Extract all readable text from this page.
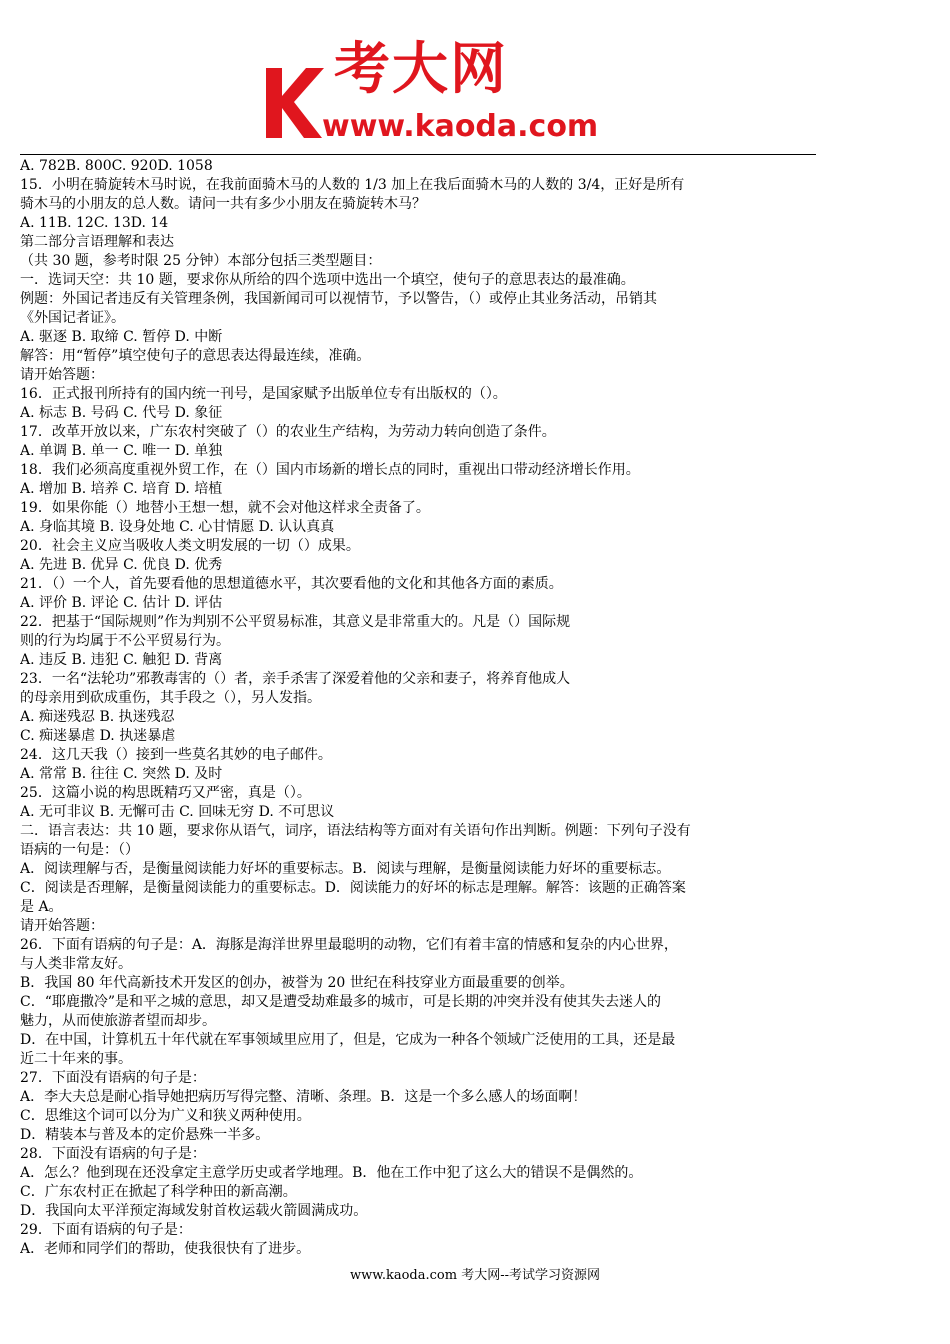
考大网
www.kaoda.com
A. 782B. 800C. 920D. 1058
15．小明在骑旋转木马时说，在我前面骑木马的人数的 1/3 加上在我后面骑木马的人数的 3/4，正好是所有
骑木马的小朋友的总人数。请问一共有多少小朋友在骑旋转木马？
A. 11B. 12C. 13D. 14
第二部分言语理解和表达
（共 30 题，参考时限 25 分钟）本部分包括三类型题目：
一．选词天空：共 10 题，要求你从所给的四个选项中选出一个填空，使句子的意思表达的最准确。
例题：外国记者违反有关管理条例，我国新闻司可以视情节，予以警告，（）或停止其业务活动，吊销其
《外国记者证》。
A. 驱逐 B. 取缔 C. 暂停 D. 中断
解答：用“暂停”填空使句子的意思表达得最连续，准确。
请开始答题：
16．正式报刊所持有的国内统一刊号，是国家赋予出版单位专有出版权的（）。
A. 标志 B. 号码 C. 代号 D. 象征
17．改革开放以来，广东农村突破了（）的农业生产结构，为劳动力转向创造了条件。
A. 单调 B. 单一 C. 唯一 D. 单独
18．我们必须高度重视外贸工作，在（）国内市场新的增长点的同时，重视出口带动经济增长作用。
A. 增加 B. 培养 C. 培育 D. 培植
19．如果你能（）地替小王想一想，就不会对他这样求全责备了。
A. 身临其境 B. 设身处地 C. 心甘情愿 D. 认认真真
20．社会主义应当吸收人类文明发展的一切（）成果。
A. 先进 B. 优异 C. 优良 D. 优秀
21．（）一个人，首先要看他的思想道德水平，其次要看他的文化和其他各方面的素质。
A. 评价 B. 评论 C. 估计 D. 评估
22．把基于“国际规则”作为判别不公平贸易标准，其意义是非常重大的。凡是（）国际规
则的行为均属于不公平贸易行为。
A. 违反 B. 违犯 C. 触犯 D. 背离
23．一名“法轮功”邪教毒害的（）者，亲手杀害了深爱着他的父亲和妻子，将养育他成人
的母亲用到砍成重伤，其手段之（），另人发指。
A. 痴迷残忍 B. 执迷残忍
C. 痴迷暴虐 D. 执迷暴虐
24．这几天我（）接到一些莫名其妙的电子邮件。
A. 常常 B. 往往 C. 突然 D. 及时
25．这篇小说的构思既精巧又严密，真是（）。
A. 无可非议 B. 无懈可击 C. 回味无穷 D. 不可思议
二．语言表达：共 10 题，要求你从语气，词序，语法结构等方面对有关语句作出判断。例题：下列句子没有
语病的一句是：（）
A．阅读理解与否，是衡量阅读能力好坏的重要标志。B．阅读与理解，是衡量阅读能力好坏的重要标志。
C．阅读是否理解，是衡量阅读能力的重要标志。D．阅读能力的好坏的标志是理解。解答：该题的正确答案
是 A。
请开始答题：
26．下面有语病的句子是：A．海豚是海洋世界里最聪明的动物，它们有着丰富的情感和复杂的内心世界，
与人类非常友好。
B．我国 80 年代高新技术开发区的创办，被誉为 20 世纪在科技穿业方面最重要的创举。
C．“耶鹿撒冷”是和平之城的意思，却又是遭受劫难最多的城市，可是长期的冲突并没有使其失去迷人的
魅力，从而使旅游者望而却步。
D．在中国，计算机五十年代就在军事领域里应用了，但是，它成为一种各个领域广泛使用的工具，还是最
近二十年来的事。
27．下面没有语病的句子是：
A．李大夫总是耐心指导她把病历写得完整、清晰、条理。B．这是一个多么感人的场面啊！
C．思维这个词可以分为广义和狭义两种使用。
D．精装本与普及本的定价悬殊一半多。
28．下面没有语病的句子是：
A．怎么？他到现在还没拿定主意学历史或者学地理。B．他在工作中犯了这么大的错误不是偶然的。
C．广东农村正在掀起了科学种田的新高潮。
D．我国向太平洋预定海域发射首枚运载火箭圆满成功。
29．下面有语病的句子是：
A．老师和同学们的帮助，使我很快有了进步。
www.kaoda.com 考大网--考试学习资源网
